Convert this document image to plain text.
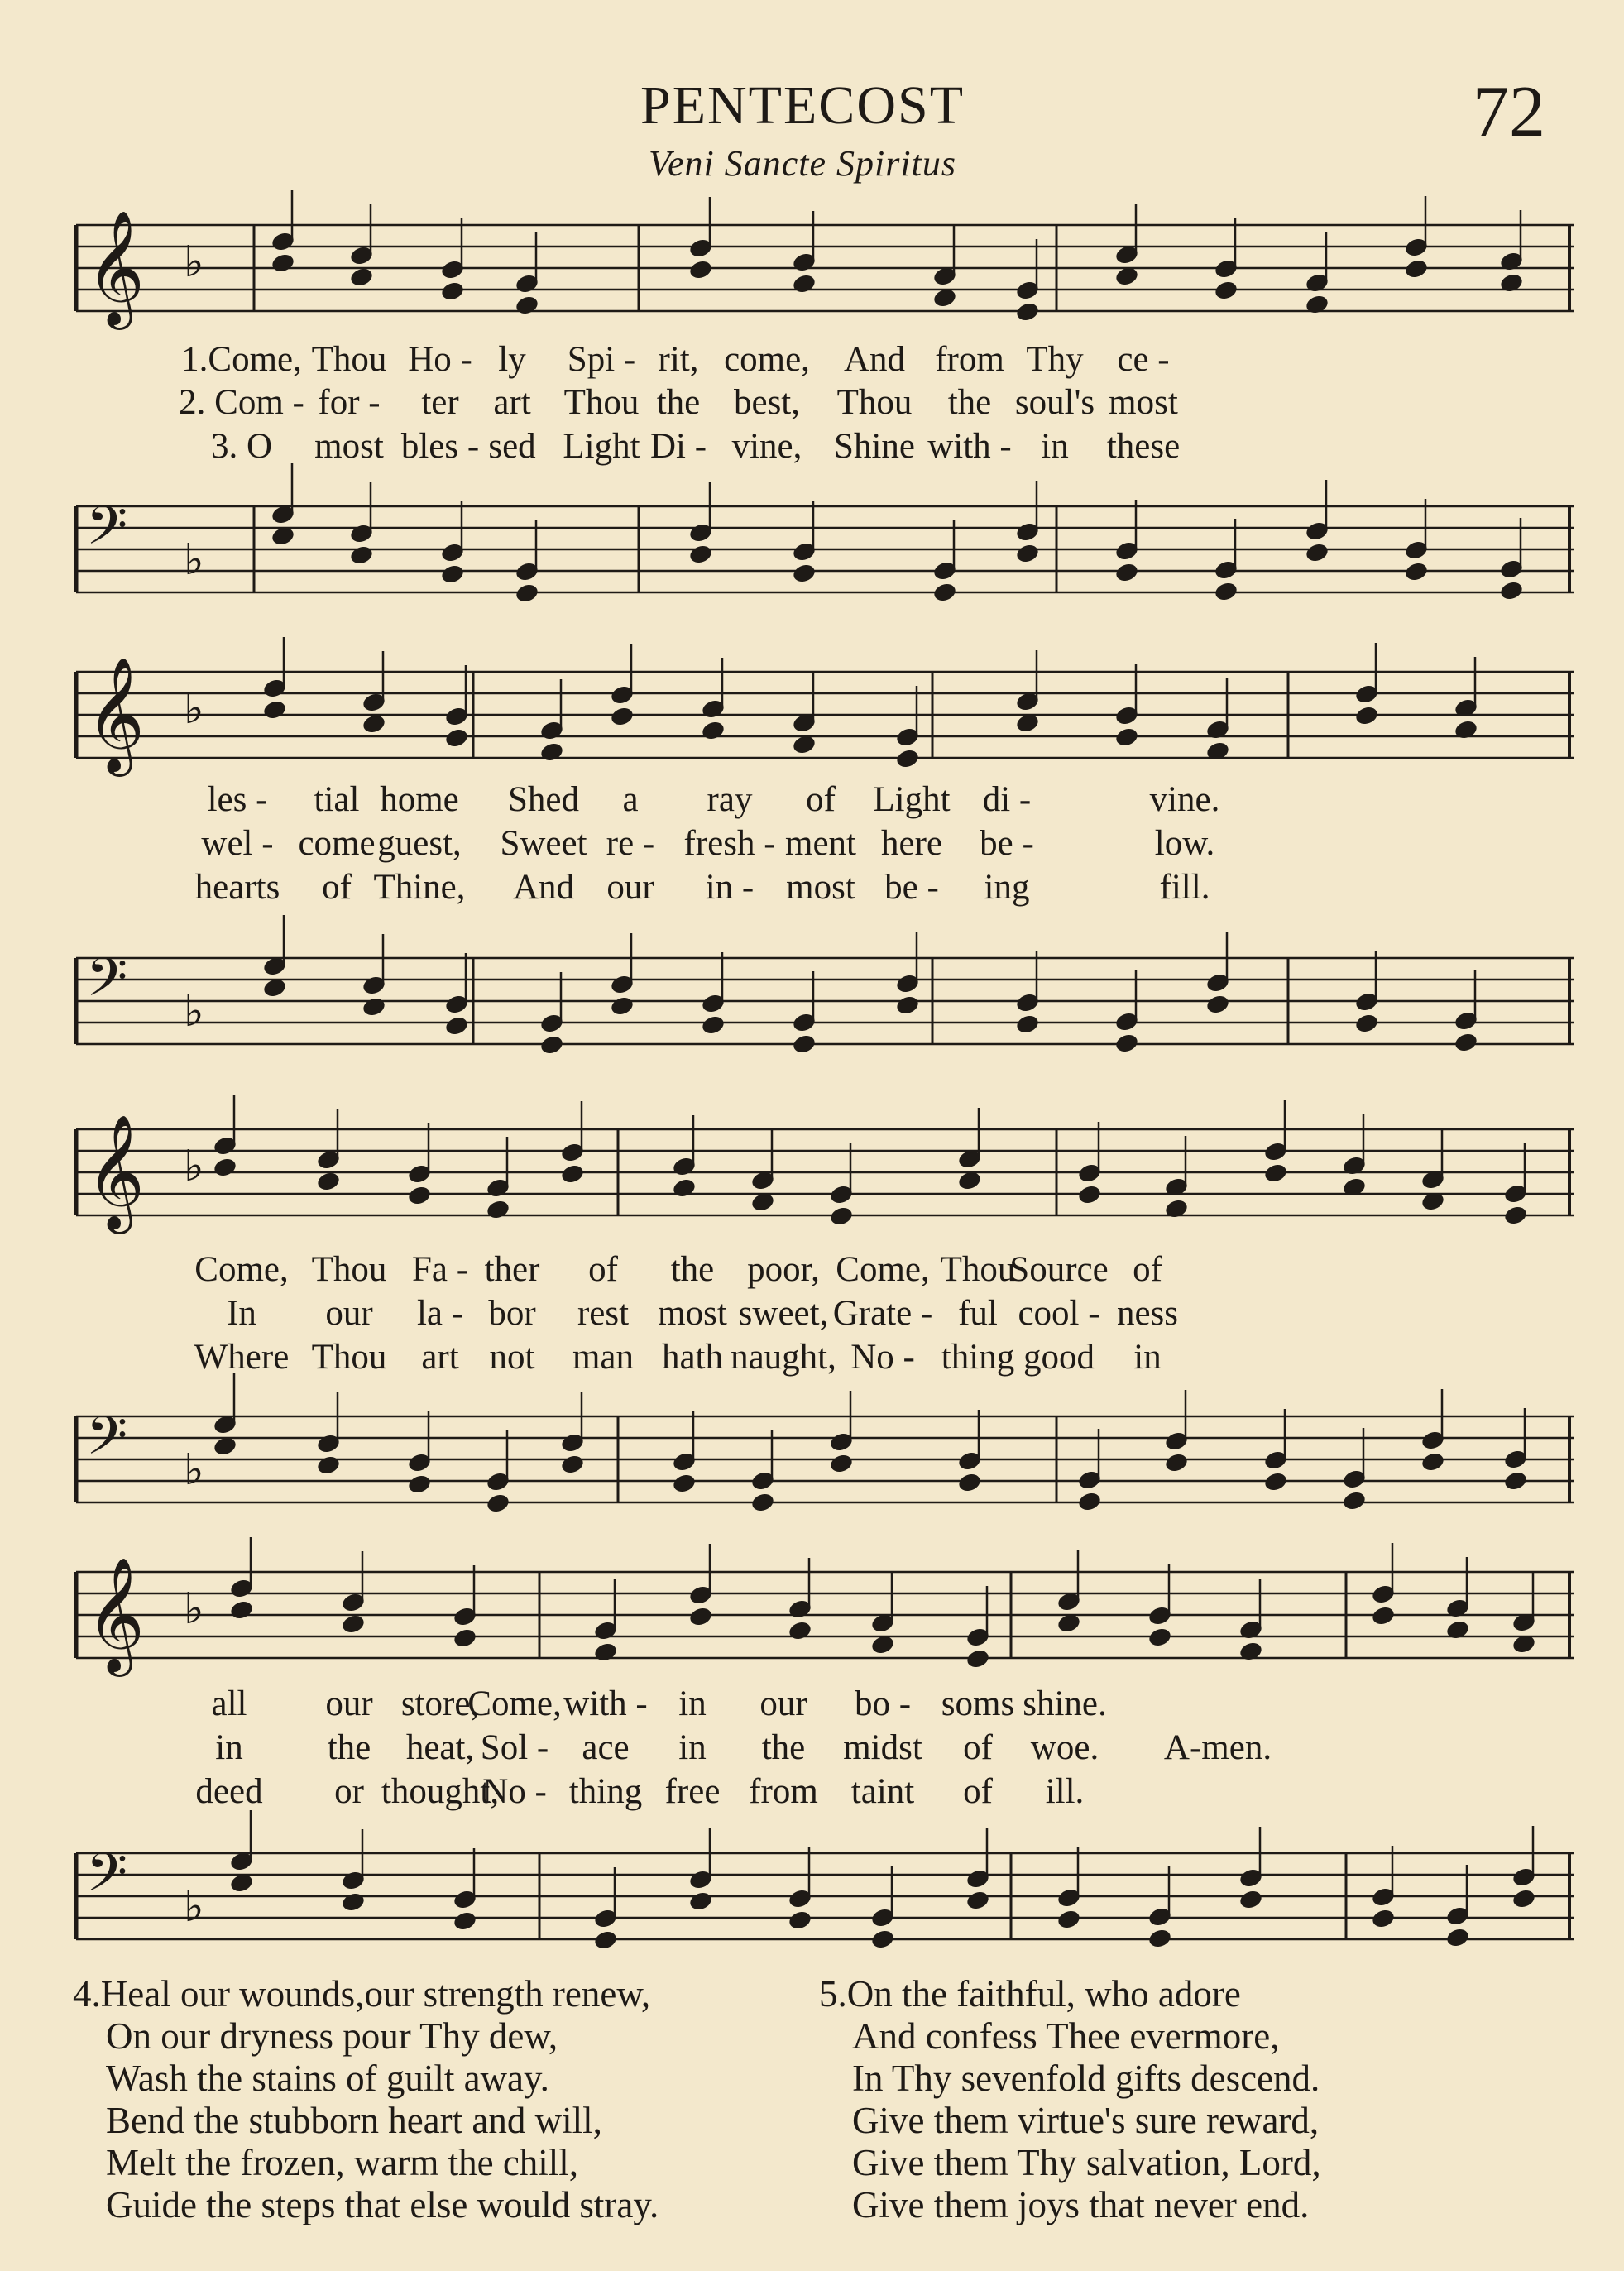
PENTECOST
Veni Sancte Spiritus
72
𝄞 ♭
1.Come, Thou Ho - ly Spi - rit, come, And from Thy ce -
2. Com - for - ter art Thou the best, Thou the soul's most
3. O most bles - sed Light Di - vine, Shine with - in these
𝄢 ♭
𝄞 ♭
les - tial home Shed a ray of Light di -	vine.
wel - come guest, Sweet re - fresh - ment here be -	low.
hearts of Thine, And our in - most be - ing	fill.
𝄢 ♭
𝄞 ♭
Come, Thou Fa - ther of the poor, Come, Thou
Source of
In our la - bor rest most sweet, Grate - ful cool - ness
Where Thou art not man hath naught, No - thing good in
𝄢 ♭
𝄞 ♭
all our store,
Come, with - in our bo - soms shine.
in the heat, Sol - ace in the midst of woe. A-men.
deed or thought,
No - thing free from taint of ill.
𝄢 ♭
4.Heal our wounds,our strength renew,
On our dryness pour Thy dew,
Wash the stains of guilt away.
Bend the stubborn heart and will,
Melt the frozen, warm the chill,
Guide the steps that else would stray.
5.On the faithful, who adore
And confess Thee evermore,
In Thy sevenfold gifts descend.
Give them virtue's sure reward,
Give them Thy salvation, Lord,
Give them joys that never end.
